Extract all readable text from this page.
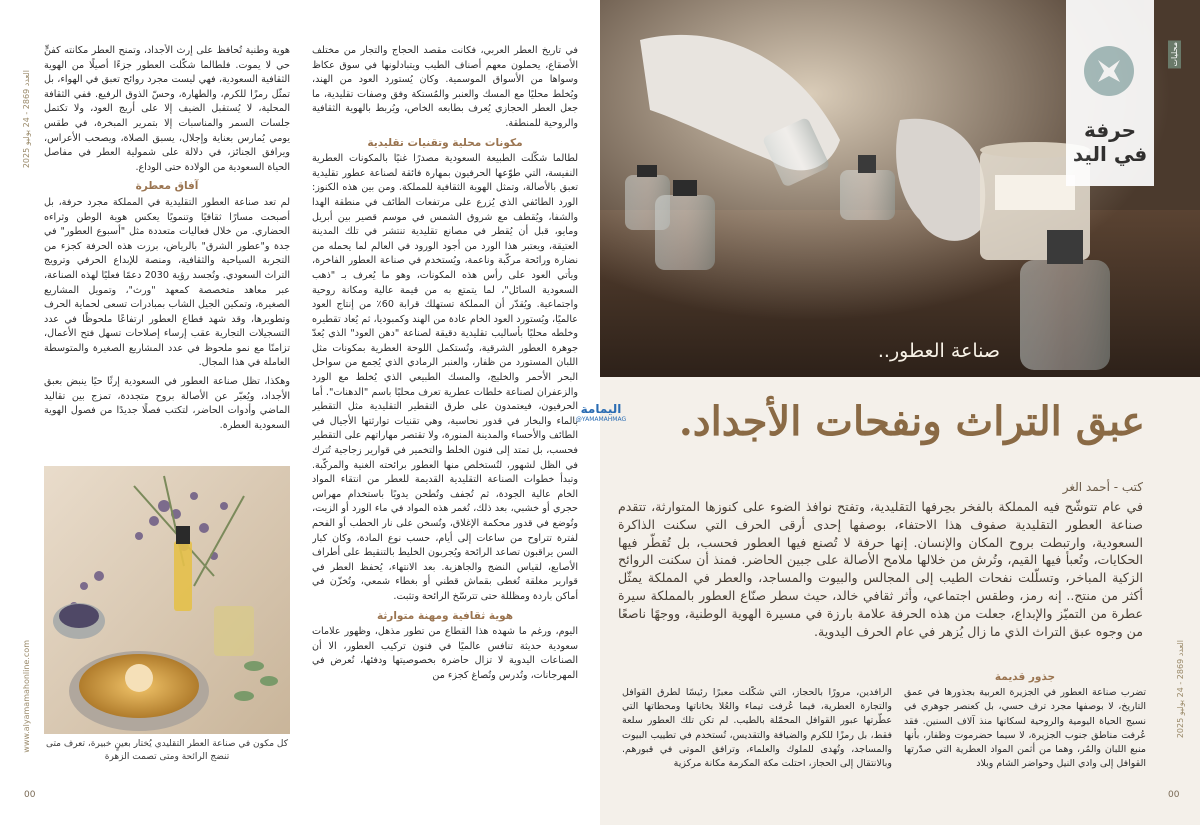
www.alyamamahonline.com
العدد 2869 - 24 يوليو 2025
00
في تاريخ العطر العربي، فكانت مقصد الحجاج والتجار من مختلف الأصقاع، يحملون معهم أصناف الطيب ويتبادلونها في سوق عكاظ وسواها من الأسواق الموسمية. وكان يُستورد العود من الهند، ويُخلط محليًا مع المسك والعنبر والمُستكة وفق وصفات تقليدية، ما جعل العطر الحجازي يُعرف بطابعه الخاص، ويُربط بالهوية الثقافية والروحية للمنطقة.
مكونات محلية وتقنيات تقليدية
لطالما شكّلت الطبيعة السعودية مصدرًا غنيًا بالمكونات العطرية النفيسة، التي طوّعها الحرفيون بمهارة فائقة لصناعة عطور تقليدية تعبق بالأصالة، وتمثل الهوية الثقافية للمملكة. ومن بين هذه الكنوز: الورد الطائفي الذي يُزرع على مرتفعات الطائف في منطقة الهدا والشفا، ويُقطف مع شروق الشمس في موسم قصير بين أبريل ومايو، قبل أن يُقطر في مصانع تقليدية تنتشر في تلك المدينة العتيقة، ويعتبر هذا الورد من أجود الورود في العالم لما يحمله من نضارة ورائحة مركّبة وناعمة، ويُستخدم في صناعة العطور الفاخرة، ويأتي العود على رأس هذه المكونات، وهو ما يُعرف بـ "ذهب السعودية السائل"، لما يتمتع به من قيمة عالية ومكانة روحية واجتماعية. ويُقدّر أن المملكة تستهلك قرابة 60٪ من إنتاج العود عالميًا، ويُستورد العود الخام عادة من الهند وكمبوديا، ثم يُعاد تقطيره وخلطه محليًا بأساليب تقليدية دقيقة لصناعة "دهن العود" الذي يُعدّ جوهرة العطور الشرقية، وتُستكمل اللوحة العطرية بمكونات مثل اللبان المستورد من ظفار، والعنبر الرمادي الذي يُجمع من سواحل البحر الأحمر والخليج، والمسك الطبيعي الذي يُخلط مع الورد والزعفران لصناعة خلطات عطرية تعرف محليًا باسم "الدهنات". أما الحرفيون، فيعتمدون على طرق التقطير التقليدية مثل التقطير بالماء والبخار في قدور نحاسية، وهي تقنيات توارثتها الأجيال في الطائف والأحساء والمدينة المنورة، ولا تقتصر مهاراتهم على التقطير فحسب، بل تمتد إلى فنون الخلط والتخمير في قوارير زجاجية تُترك في الظل لشهور، لتُستخلص منها العطور برائحته الغنية والمركّبة. وتبدأ خطوات الصناعة التقليدية القديمة للعطر من انتقاء المواد الخام عالية الجودة، ثم تُجفف وتُطحن يدويًا باستخدام مهراس حجري أو خشبي، بعد ذلك، تُغمر هذه المواد في ماء الورد أو الزيت، وتُوضع في قدور محكمة الإغلاق، وتُسخن على نار الحطب أو الفحم لفترة تتراوح من ساعات إلى أيام، حسب نوع المادة، وكان كبار السن يراقبون تصاعد الرائحة ويُجربون الخليط بالتنقيط على أطراف الأصابع، لقياس النضج والجاهزية. بعد الانتهاء، يُحفظ العطر في قوارير مغلقة تُغطى بقماش قطني أو بغطاء شمعي، وتُخزّن في أماكن باردة ومظللة حتى تترسّخ الرائحة وتثبت.
هوية ثقافية ومهنة متوارثة
اليوم، ورغم ما شهده هذا القطاع من تطور مذهل، وظهور علامات سعودية حديثة تنافس عالميًا في فنون تركيب العطور، الا أن الصناعات اليدوية لا تزال حاضرة بخصوصيتها ودفئها، تُعرض في المهرجانات، وتُدرس وتُصاغ كجزء من
هوية وطنية تُحافظ على إرث الأجداد، وتمنح العطر مكانته كفنٍّ حي لا يموت. فلطالما شكّلت العطور جزءًا أصيلًا من الهوية الثقافية السعودية، فهي ليست مجرد روائح تعبق في الهواء، بل تمثّل رمزًا للكرم، والطهارة، وحسّ الذوق الرفيع. ففي الثقافة المحلية، لا يُستقبل الضيف إلا على أريج العود، ولا تكتمل جلسات السمر والمناسبات إلا بتمرير المبخرة، في طقس يومي يُمارس بعناية وإجلال، يسبق الصلاة، ويصحب الأعراس، ويرافق الجنائز، في دلالة على شمولية العطر في مفاصل الحياة السعودية من الولادة حتى الوداع.
آفاق معطرة
لم تعد صناعة العطور التقليدية في المملكة مجرد حرفة، بل أصبحت مسارًا ثقافيًا وتنمويًا يعكس هوية الوطن وثراءه الحضاري. من خلال فعاليات متعددة مثل "أسبوع العطور" في جدة و"عطور الشرق" بالرياض، برزت هذه الحرفة كجزء من التجربة السياحية والثقافية، ومنصة للإبداع الحرفي وترويج التراث السعودي. وتُجسد رؤية 2030 دعمًا فعليًا لهذه الصناعة، عبر معاهد متخصصة كمعهد "ورث"، وتمويل المشاريع الصغيرة، وتمكين الجيل الشاب بمبادرات تسعى لحماية الحرف وتطويرها، وقد شهد قطاع العطور ارتفاعًا ملحوظًا في عدد التسجيلات التجارية عقب إرساء إصلاحات تسهل فتح الأعمال، تزامنًا مع نمو ملحوظ في عدد المشاريع الصغيرة والمتوسطة العاملة في هذا المجال.
وهكذا، تظل صناعة العطور في السعودية إرثًا حيًا ينبض بعبق الأجداد، ويُعبّر عن الأصالة بروح متجددة، تمزج بين تقاليد الماضي وأدوات الحاضر، لتكتب فصلًا جديدًا من فصول الهوية السعودية العطرة.
كل مكون في صناعة العطر التقليدي يُختار بعينٍ خبيرة، تعرف متى تنضج الرائحة ومتى تصمت الزهرة
حرفة في اليد
محليات
العدد 2869 - 24 يوليو 2025
00
صناعة العطور..
اليمامة
@YAMAMAHMAG	عبق التراث ونفحات الأجداد.
كتب - أحمد الغر
في عام تتوشّح فيه المملكة بالفخر بحِرفها التقليدية، وتفتح نوافذ الضوء على كنوزها المتوارثة، تتقدم صناعة العطور التقليدية صفوف هذا الاحتفاء، بوصفها إحدى أرقى الحرف التي سكنت الذاكرة السعودية، وارتبطت بروح المكان والإنسان. إنها حرفة لا تُصنع فيها العطور فحسب، بل تُقطّر فيها الحكايات، وتُعبأ فيها القيم، وتُرش من خلالها ملامح الأصالة على جبين الحاضر. فمنذ أن سكنت الروائح الزكية المباخر، وتسلّلت نفحات الطيب إلى المجالس والبيوت والمساجد، والعطر في المملكة يمثّل أكثر من منتج.. إنه رمز، وطقس اجتماعي، وأثر ثقافي خالد، حيث سطر صنّاع العطور بالمملكة سيرة عطرة من التميّز والإبداع، جعلت من هذه الحرفة علامة بارزة في مسيرة الهوية الوطنية، ووجهًا ناصعًا من وجوه عبق التراث الذي ما زال يُزهر في عام الحرف اليدوية.
جذور قديمة
تضرب صناعة العطور في الجزيرة العربية بجذورها في عمق التاريخ، لا بوصفها مجرد ترف حسي، بل كعنصر جوهري في نسيج الحياة اليومية والروحية لسكانها منذ آلاف السنين. فقد عُرفت مناطق جنوب الجزيرة، لا سيما حضرموت وظفار، بأنها منبع اللبان والمُر، وهما من أثمن المواد العطرية التي صدّرتها القوافل إلى وادي النيل وحواضر الشام وبلاد
الرافدين، مرورًا بالحجاز، التي شكّلت معبرًا رئيسًا لطرق القوافل والتجارة العطرية، فيما عُرفت تيماء والعُلا بخاناتها ومحطاتها التي عطّرتها عبور القوافل المحمّلة بالطيب. لم تكن تلك العطور سلعة فقط، بل رمزًا للكرم والضيافة والتقديس، تُستخدم في تطييب البيوت والمساجد، وتُهدى للملوك والعلماء، وترافق الموتى في قبورهم. وبالانتقال إلى الحجاز، احتلت مكة المكرمة مكانة مركزية
